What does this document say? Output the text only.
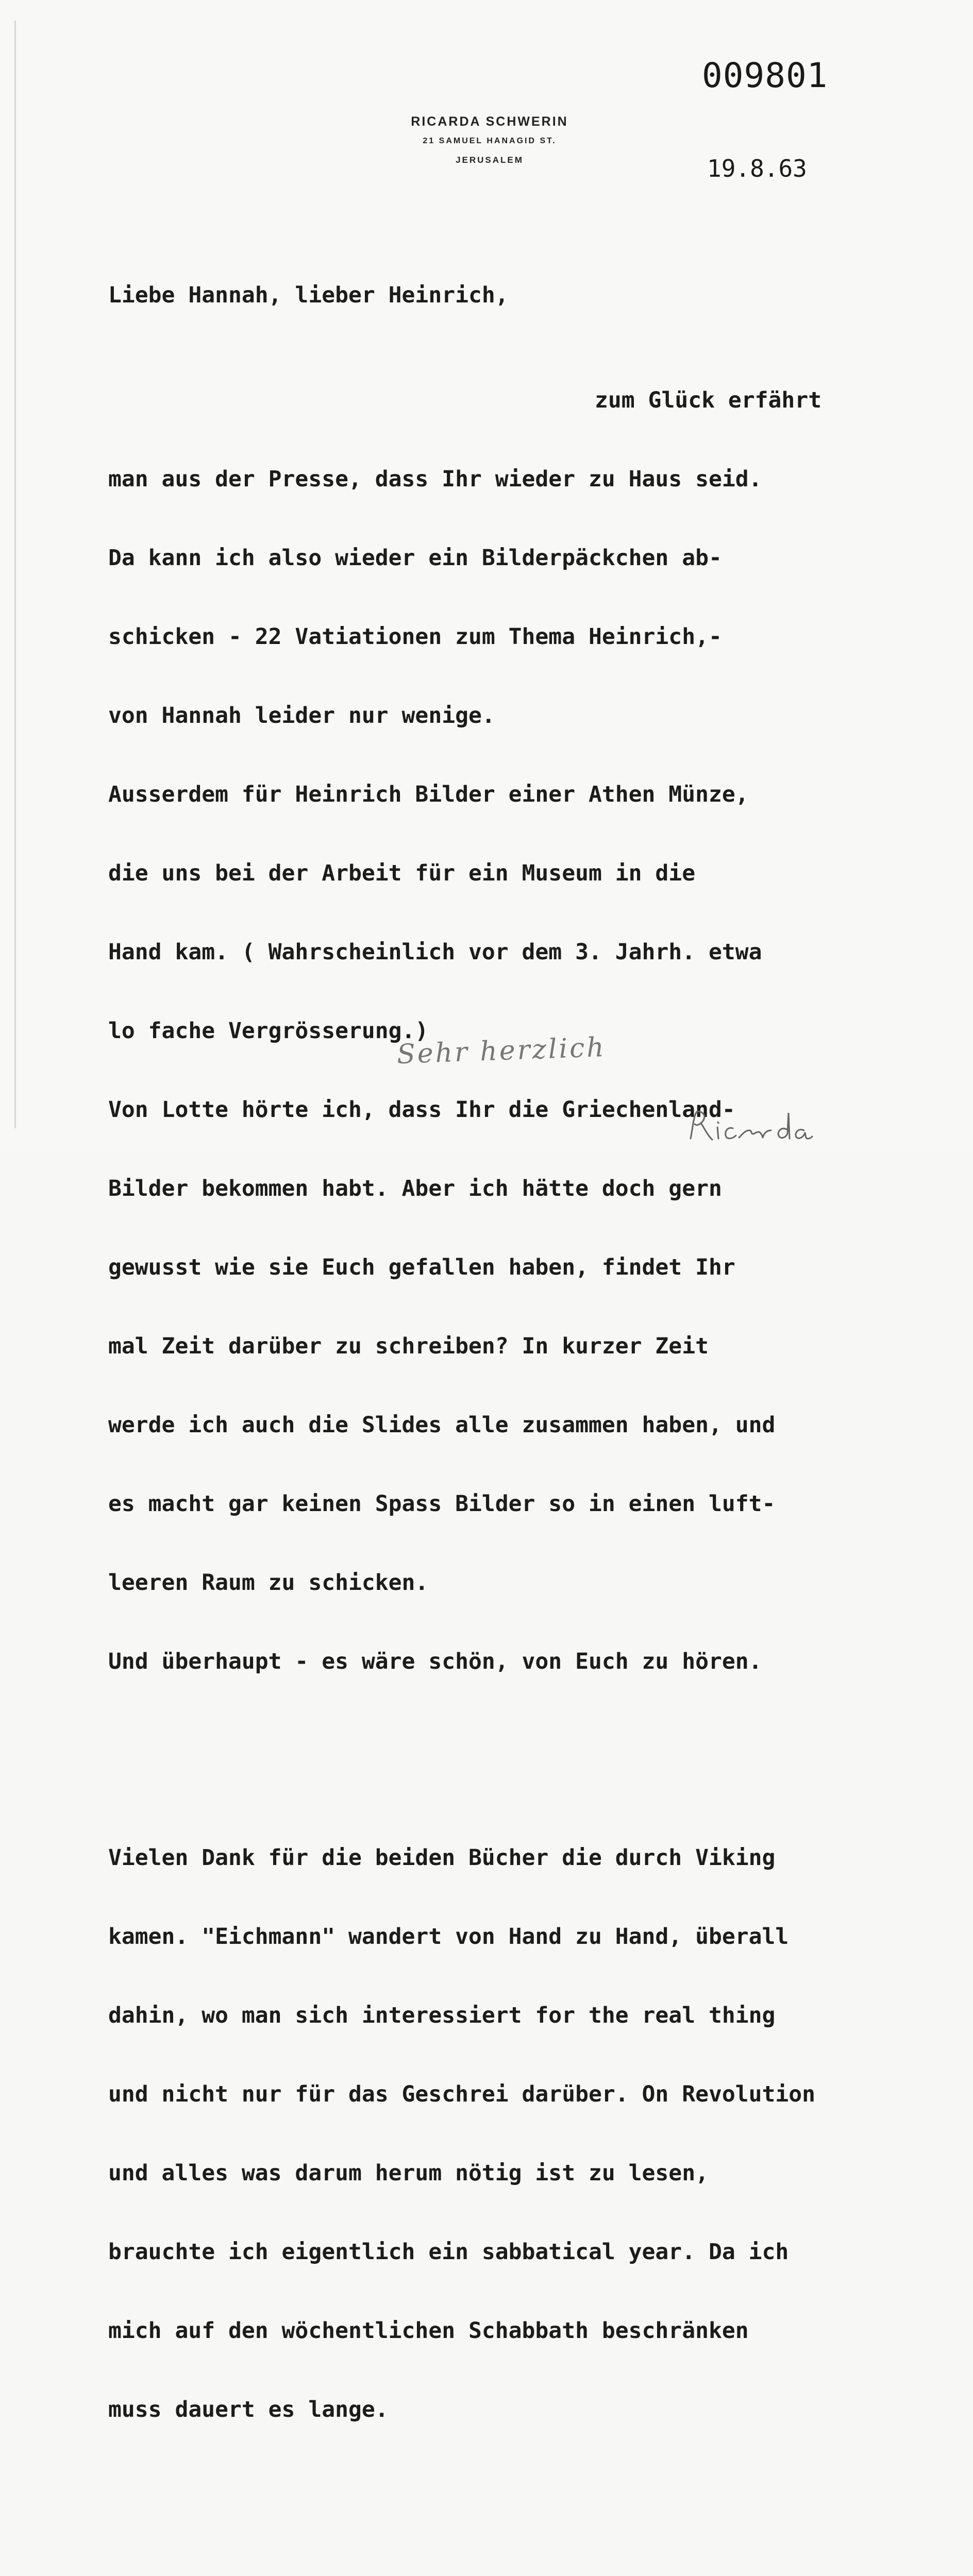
009801
RICARDA SCHWERIN
21 SAMUEL HANAGID ST.
JERUSALEM	19.8.63

Liebe Hannah, lieber Heinrich,

zum Glück erfährt

man aus der Presse, dass Ihr wieder zu Haus seid.

Da kann ich also wieder ein Bilderpäckchen ab-

schicken - 22 Vatiationen zum Thema Heinrich,-

von Hannah leider nur wenige.

Ausserdem für Heinrich Bilder einer Athen Münze,

die uns bei der Arbeit für ein Museum in die

Hand kam. ( Wahrscheinlich vor dem 3. Jahrh. etwa

lo fache Vergrösserung.)

Von Lotte hörte ich, dass Ihr die Griechenland-

Bilder bekommen habt. Aber ich hätte doch gern

gewusst wie sie Euch gefallen haben, findet Ihr

mal Zeit darüber zu schreiben? In kurzer Zeit

werde ich auch die Slides alle zusammen haben, und

es macht gar keinen Spass Bilder so in einen luft-

leeren Raum zu schicken.

Und überhaupt - es wäre schön, von Euch zu hören.

Vielen Dank für die beiden Bücher die durch Viking

kamen. "Eichmann" wandert von Hand zu Hand, überall

dahin, wo man sich interessiert for the real thing

und nicht nur für das Geschrei darüber. On Revolution

und alles was darum herum nötig ist zu lesen,

brauchte ich eigentlich ein sabbatical year. Da ich

mich auf den wöchentlichen Schabbath beschränken

muss dauert es lange.

Sehr herzlich
